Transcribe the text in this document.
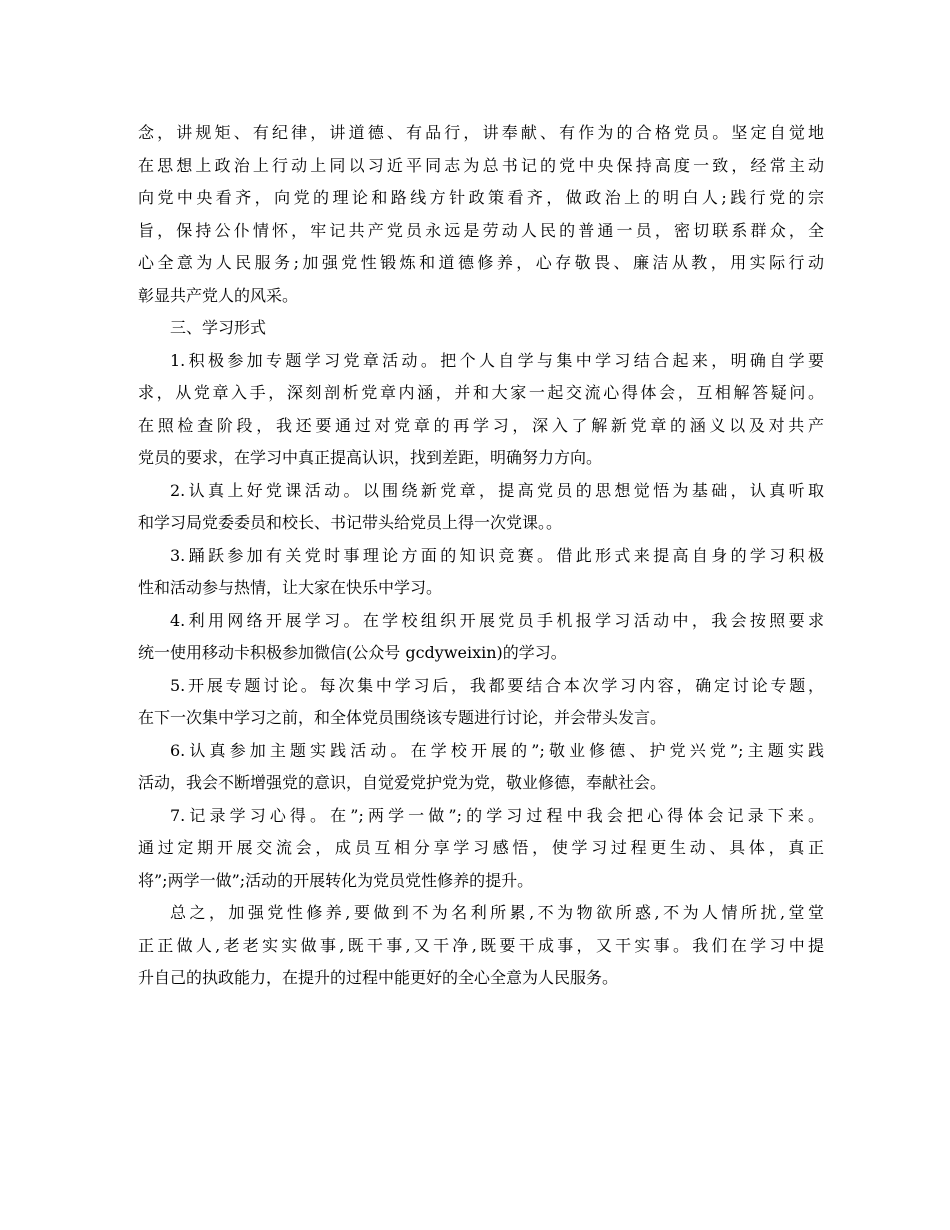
念，讲规矩、有纪律，讲道德、有品行，讲奉献、有作为的合格党员。坚定自觉地
在思想上政治上行动上同以习近平同志为总书记的党中央保持高度一致，经常主动
向党中央看齐，向党的理论和路线方针政策看齐，做政治上的明白人;践行党的宗
旨，保持公仆情怀，牢记共产党员永远是劳动人民的普通一员，密切联系群众，全
心全意为人民服务;加强党性锻炼和道德修养，心存敬畏、廉洁从教，用实际行动
彰显共产党人的风采。

三、学习形式

1.积极参加专题学习党章活动。把个人自学与集中学习结合起来，明确自学要
求，从党章入手，深刻剖析党章内涵，并和大家一起交流心得体会，互相解答疑问。
在照检查阶段，我还要通过对党章的再学习，深入了解新党章的涵义以及对共产
党员的要求，在学习中真正提高认识，找到差距，明确努力方向。

2.认真上好党课活动。以围绕新党章，提高党员的思想觉悟为基础，认真听取
和学习局党委委员和校长、书记带头给党员上得一次党课。。

3.踊跃参加有关党时事理论方面的知识竞赛。借此形式来提高自身的学习积极
性和活动参与热情，让大家在快乐中学习。

4.利用网络开展学习。在学校组织开展党员手机报学习活动中，我会按照要求
统一使用移动卡积极参加微信(公众号 gcdyweixin)的学习。

5.开展专题讨论。每次集中学习后，我都要结合本次学习内容，确定讨论专题，
在下一次集中学习之前，和全体党员围绕该专题进行讨论，并会带头发言。

6.认真参加主题实践活动。在学校开展的”;敬业修德、护党兴党”;主题实践
活动，我会不断增强党的意识，自觉爱党护党为党，敬业修德，奉献社会。

7.记录学习心得。在”;两学一做”;的学习过程中我会把心得体会记录下来。
通过定期开展交流会，成员互相分享学习感悟，使学习过程更生动、具体，真正
将”;两学一做”;活动的开展转化为党员党性修养的提升。

总之，加强党性修养,要做到不为名利所累,不为物欲所惑,不为人情所扰,堂堂
正正做人,老老实实做事,既干事,又干净,既要干成事，又干实事。我们在学习中提
升自己的执政能力，在提升的过程中能更好的全心全意为人民服务。
